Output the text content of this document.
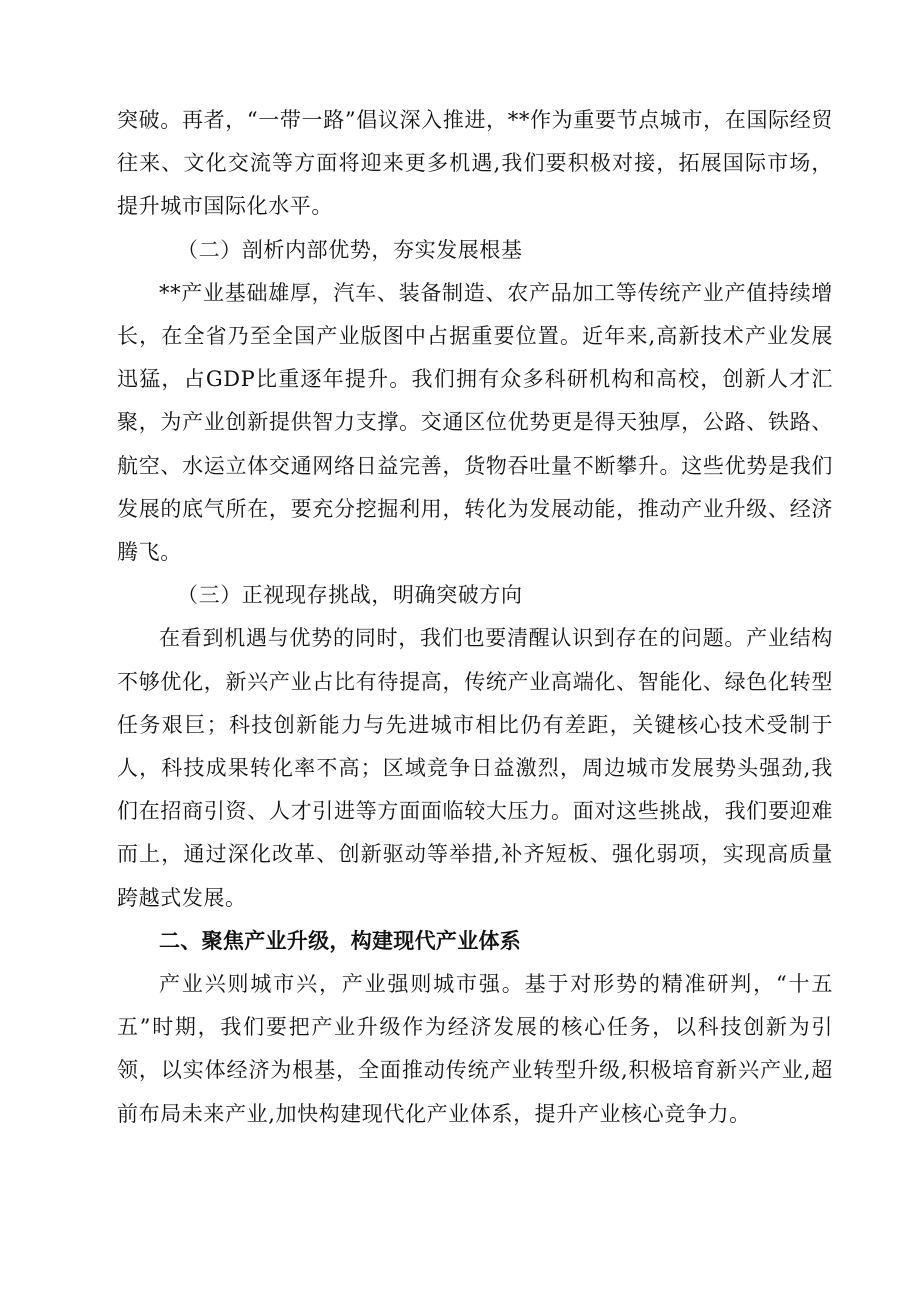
突破。再者，“一带一路”倡议深入推进，**作为重要节点城市，在国际经贸往来、文化交流等方面将迎来更多机遇,我们要积极对接，拓展国际市场，提升城市国际化水平。

（二）剖析内部优势，夯实发展根基

**产业基础雄厚，汽车、装备制造、农产品加工等传统产业产值持续增长，在全省乃至全国产业版图中占据重要位置。近年来,高新技术产业发展迅猛，占GDP比重逐年提升。我们拥有众多科研机构和高校，创新人才汇聚，为产业创新提供智力支撑。交通区位优势更是得天独厚，公路、铁路、航空、水运立体交通网络日益完善，货物吞吐量不断攀升。这些优势是我们发展的底气所在，要充分挖掘利用，转化为发展动能，推动产业升级、经济腾飞。

（三）正视现存挑战，明确突破方向

在看到机遇与优势的同时，我们也要清醒认识到存在的问题。产业结构不够优化，新兴产业占比有待提高，传统产业高端化、智能化、绿色化转型任务艰巨；科技创新能力与先进城市相比仍有差距，关键核心技术受制于人，科技成果转化率不高；区域竞争日益激烈，周边城市发展势头强劲,我们在招商引资、人才引进等方面面临较大压力。面对这些挑战，我们要迎难而上，通过深化改革、创新驱动等举措,补齐短板、强化弱项，实现高质量跨越式发展。

二、聚焦产业升级，构建现代产业体系

产业兴则城市兴，产业强则城市强。基于对形势的精准研判，“十五五”时期，我们要把产业升级作为经济发展的核心任务，以科技创新为引领，以实体经济为根基，全面推动传统产业转型升级,积极培育新兴产业,超前布局未来产业,加快构建现代化产业体系，提升产业核心竞争力。
